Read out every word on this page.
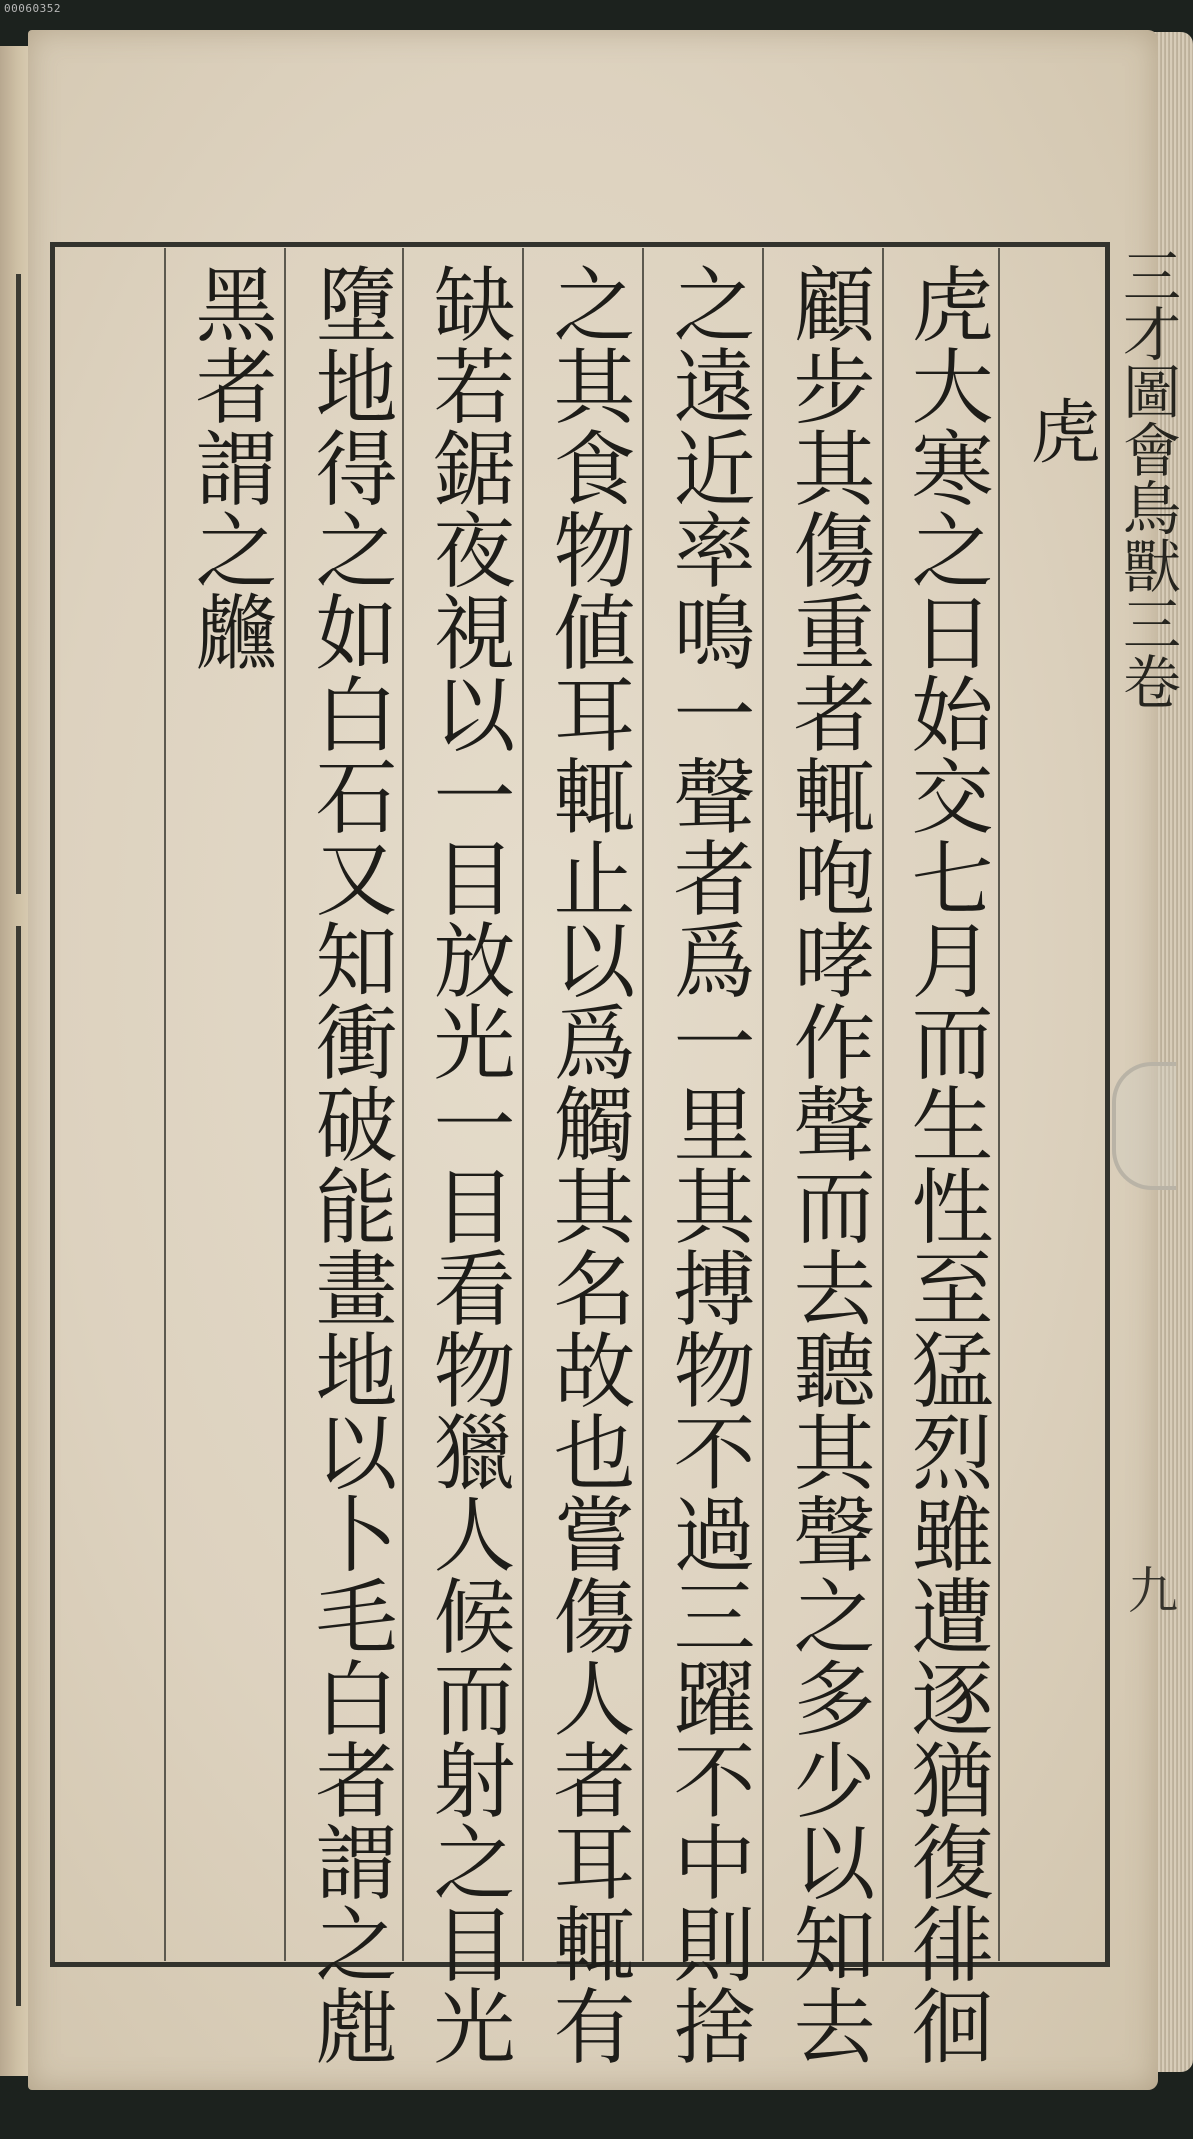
00060352
三才圖會鳥獸三卷
九
虎
虎大寒之日始交七月而生性至猛烈雖遭逐猶復徘徊
顧步其傷重者輒咆哮作聲而去聽其聲之多少以知去
之遠近率鳴一聲者爲一里其搏物不過三躍不中則捨
之其食物値耳輒止以爲觸其名故也嘗傷人者耳輒有
缺若鋸夜視以一目放光一目看物獵人候而射之目光
墮地得之如白石又知衝破能畫地以卜毛白者謂之甝
黑者謂之虪
